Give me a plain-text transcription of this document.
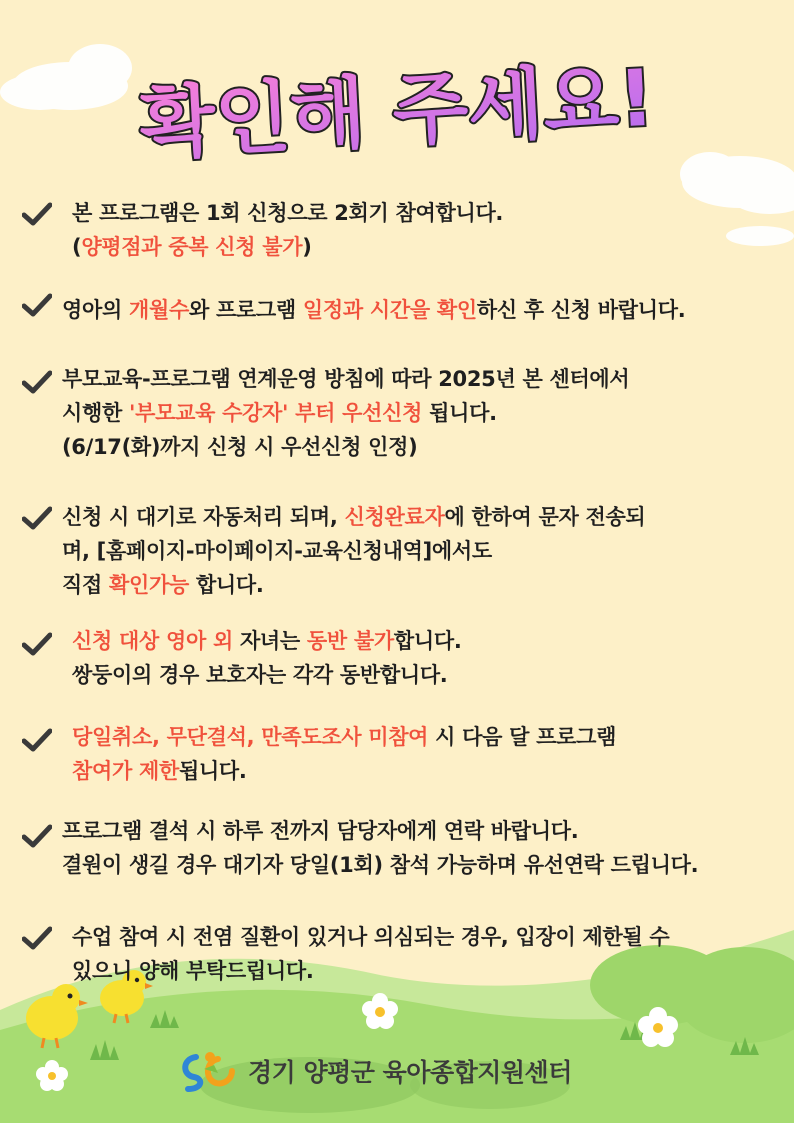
확인해 주세요!
본 프로그램은 1회 신청으로 2회기 참여합니다.
(양평점과 중복 신청 불가)
영아의 개월수와 프로그램 일정과 시간을 확인하신 후 신청 바랍니다.
부모교육-프로그램 연계운영 방침에 따라 2025년 본 센터에서
시행한 '부모교육 수강자' 부터 우선신청 됩니다.
(6/17(화)까지 신청 시 우선신청 인정)
신청 시 대기로 자동처리 되며, 신청완료자에 한하여 문자 전송되
며, [홈페이지-마이페이지-교육신청내역]에서도
직접 확인가능 합니다.
신청 대상 영아 외 자녀는 동반 불가합니다.
쌍둥이의 경우 보호자는 각각 동반합니다.
당일취소, 무단결석, 만족도조사 미참여 시 다음 달 프로그램
참여가 제한됩니다.
프로그램 결석 시 하루 전까지 담당자에게 연락 바랍니다.
결원이 생길 경우 대기자 당일(1회) 참석 가능하며 유선연락 드립니다.
수업 참여 시 전염 질환이 있거나 의심되는 경우, 입장이 제한될 수
있으니 양해 부탁드립니다.
경기 양평군 육아종합지원센터
